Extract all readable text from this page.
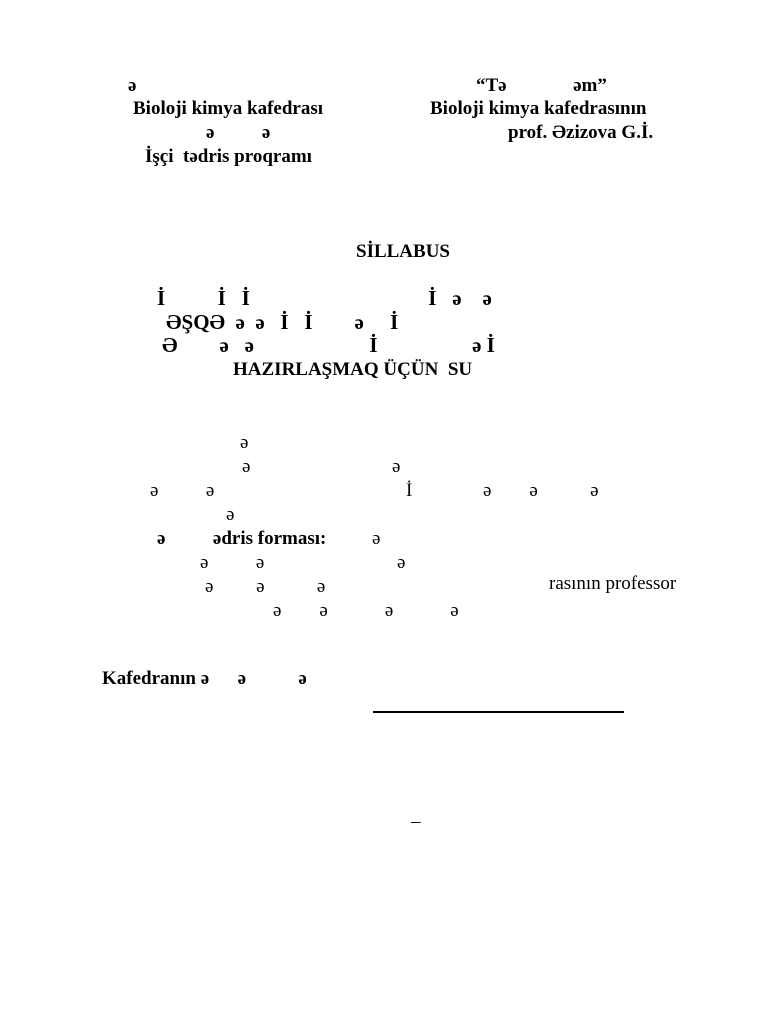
ə
Bioloji kimya kafedrası
ə          ə
İşçi  tədris proqramı
“Tə              əm”
Bioloji kimya kafedrasının
prof. Əzizova G.İ.
SİLLABUS
İ          İ   İ                                  İ   ə    ə
ƏŞQƏ  ə  ə   İ   İ        ə     İ
Ə        ə   ə                      İ                  ə İ
HAZIRLAŞMAQ ÜÇÜN  SU
ə
ə	ə
ə          ə	İ	ə        ə           ə
ə
ə          ədris forması: ə
ə          ə	ə
ə         ə           ə	rasının professor
ə        ə            ə            ə
Kafedranın ə      ə           ə
–
